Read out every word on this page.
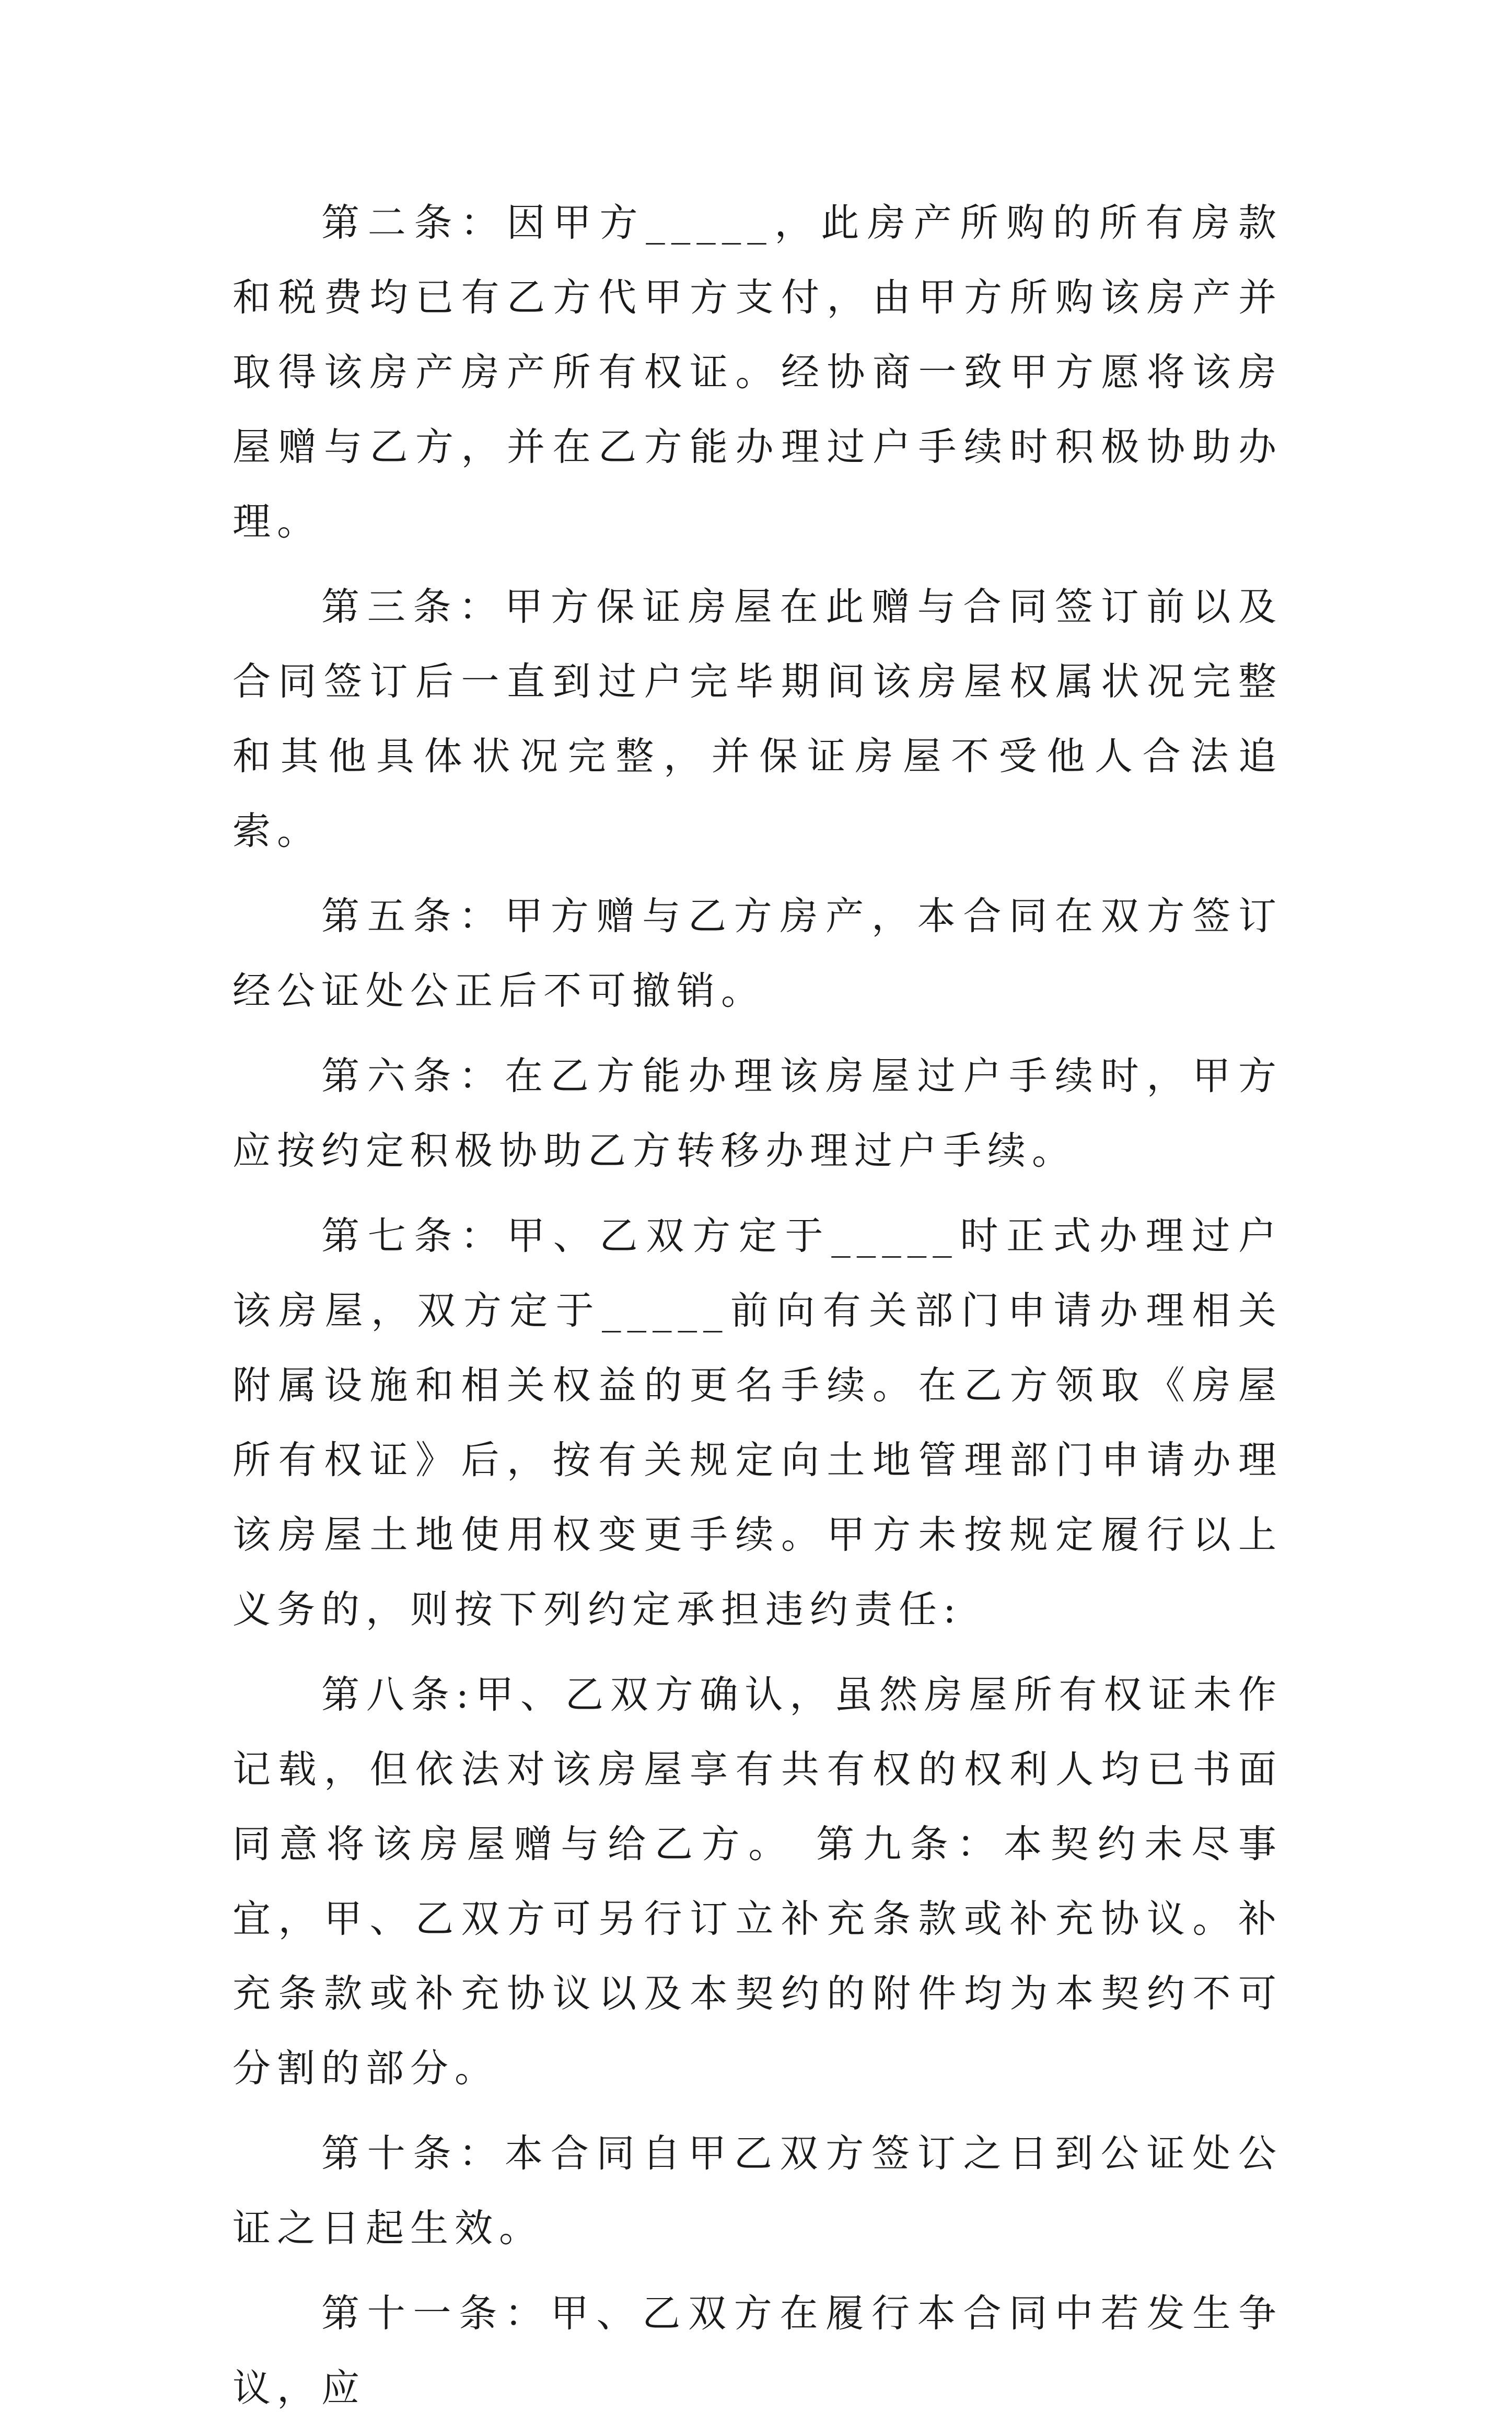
第二条：因甲方_____，此房产所购的所有房款和税费均已有乙方代甲方支付，由甲方所购该房产并取得该房产房产所有权证。经协商一致甲方愿将该房屋赠与乙方，并在乙方能办理过户手续时积极协助办理。

第三条：甲方保证房屋在此赠与合同签订前以及合同签订后一直到过户完毕期间该房屋权属状况完整和其他具体状况完整，并保证房屋不受他人合法追索。

第五条：甲方赠与乙方房产，本合同在双方签订经公证处公正后不可撤销。

第六条：在乙方能办理该房屋过户手续时，甲方应按约定积极协助乙方转移办理过户手续。

第七条：甲、乙双方定于_____时正式办理过户该房屋，双方定于_____前向有关部门申请办理相关附属设施和相关权益的更名手续。在乙方领取《房屋所有权证》后，按有关规定向土地管理部门申请办理该房屋土地使用权变更手续。甲方未按规定履行以上义务的，则按下列约定承担违约责任:

第八条:甲、乙双方确认，虽然房屋所有权证未作记载，但依法对该房屋享有共有权的权利人均已书面同意将该房屋赠与给乙方。 第九条：本契约未尽事宜，甲、乙双方可另行订立补充条款或补充协议。补充条款或补充协议以及本契约的附件均为本契约不可分割的部分。

第十条：本合同自甲乙双方签订之日到公证处公证之日起生效。

第十一条：甲、乙双方在履行本合同中若发生争议，应
